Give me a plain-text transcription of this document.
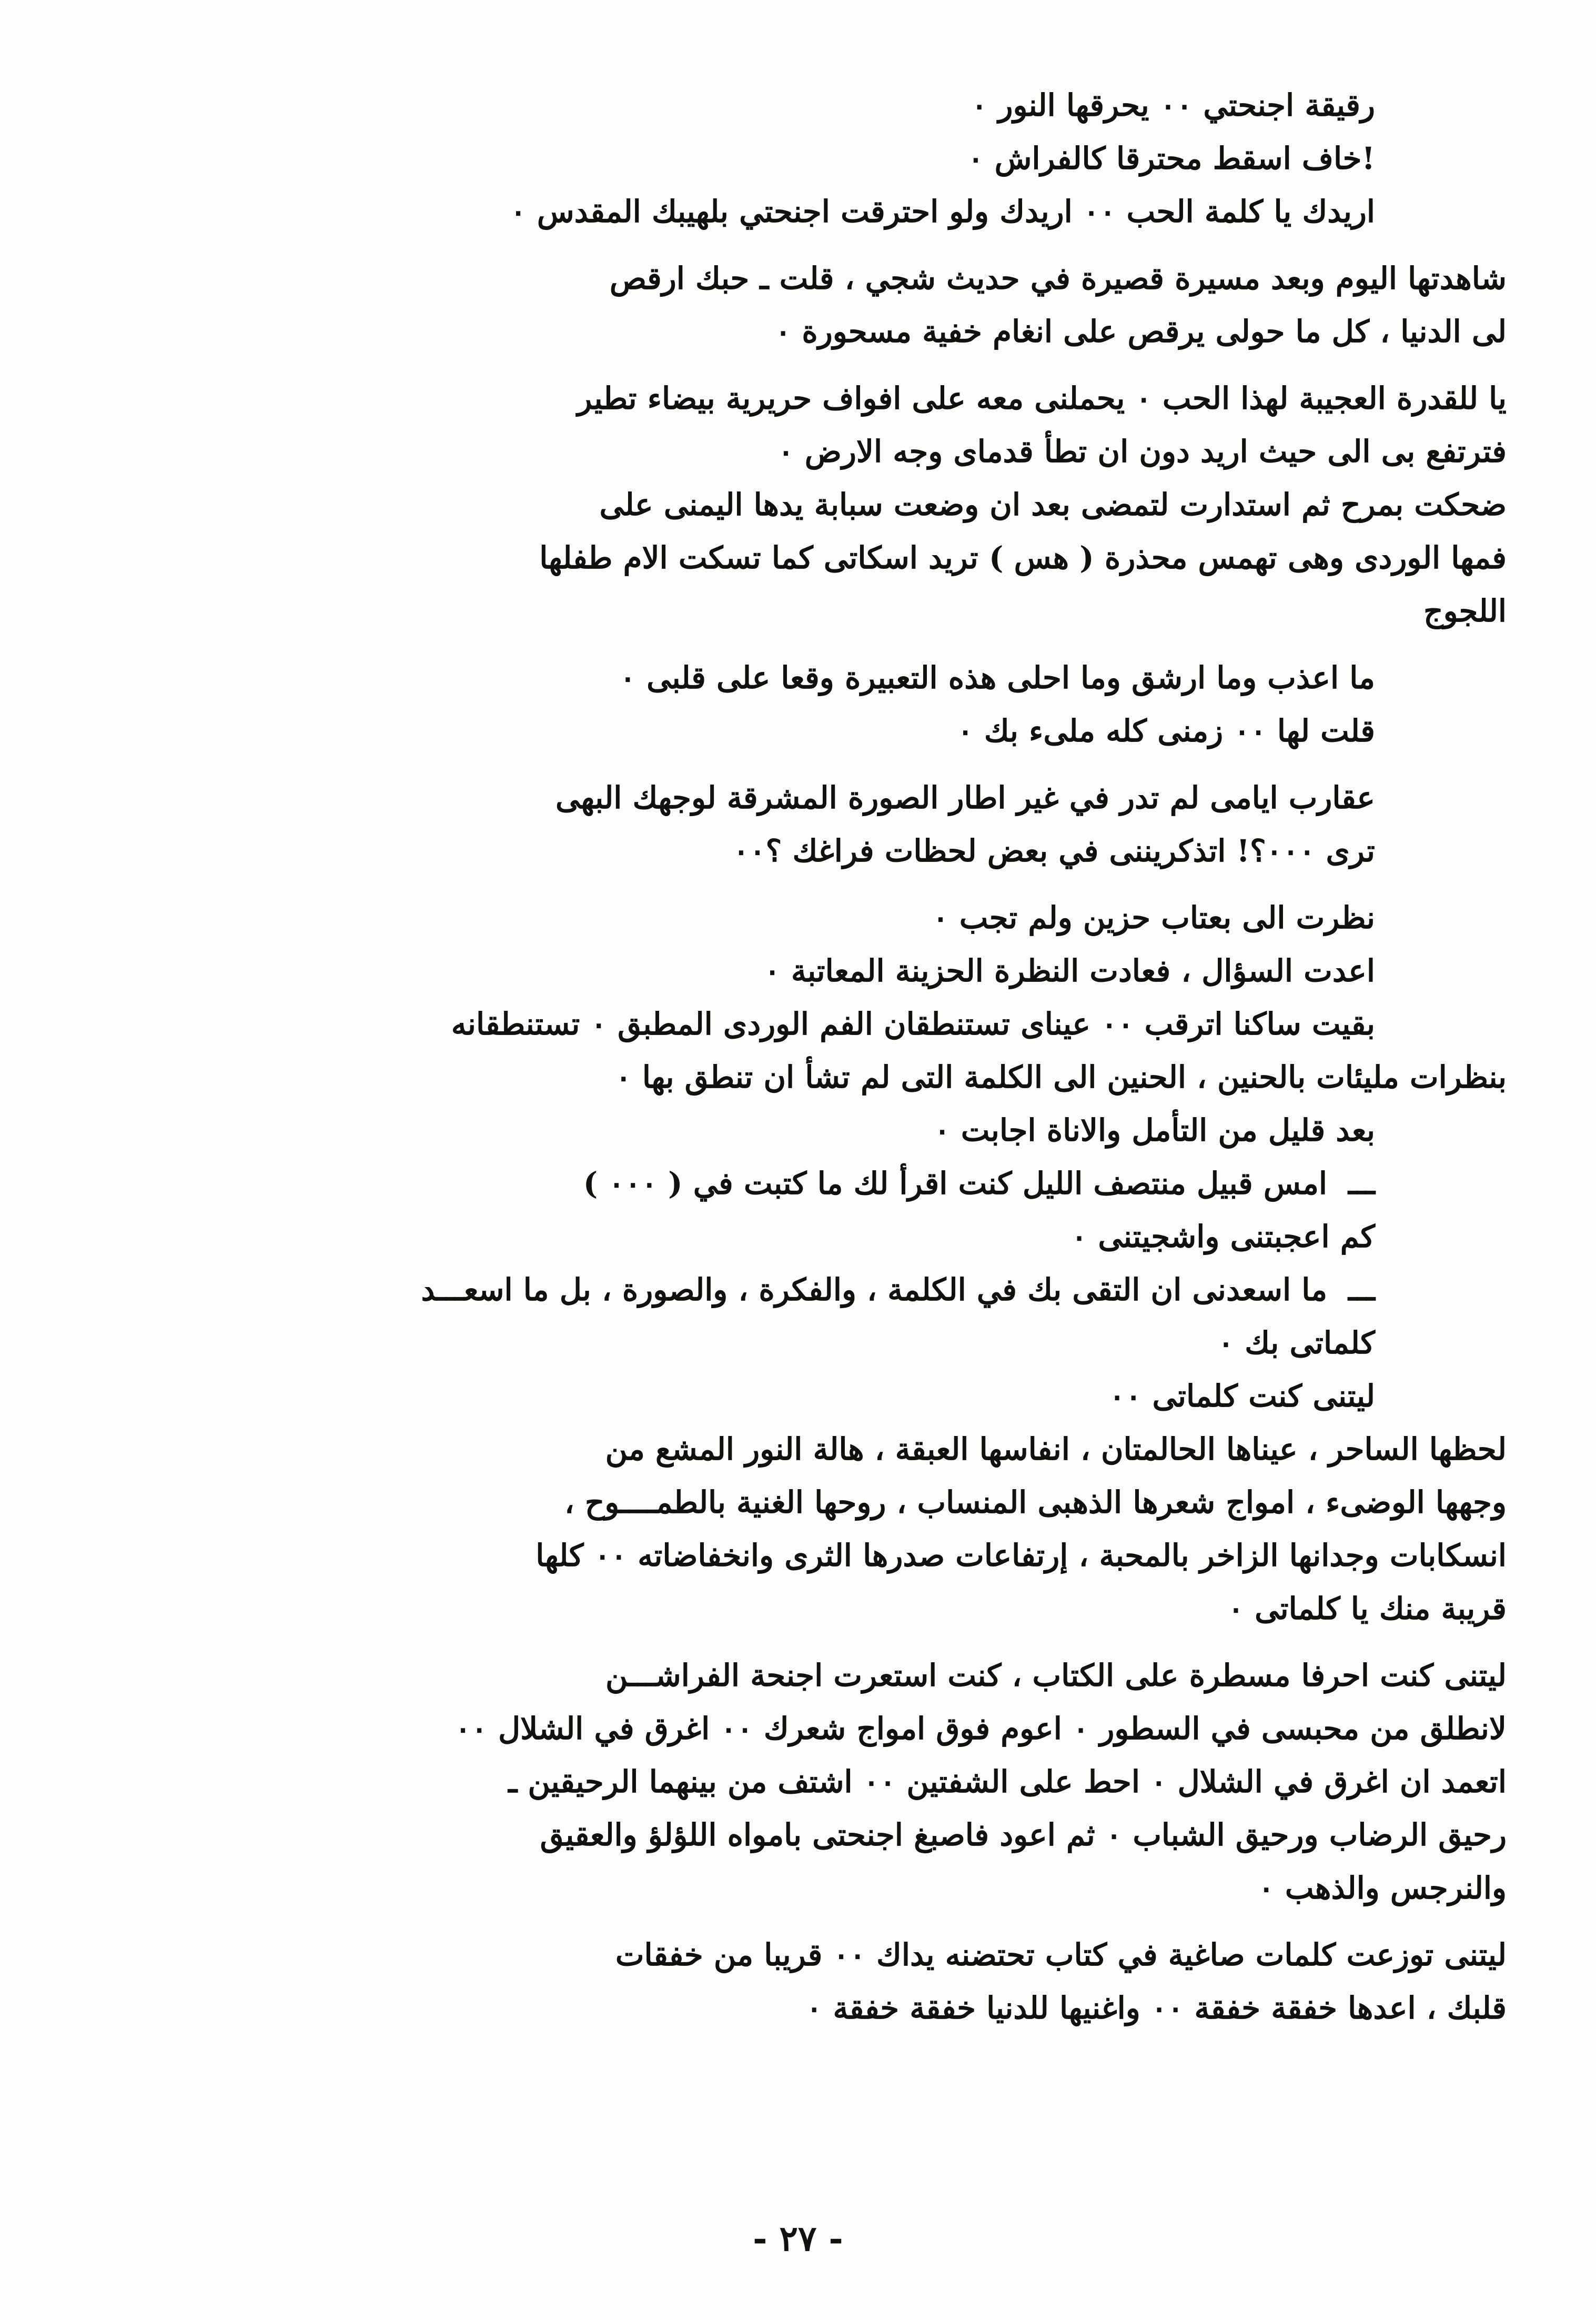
رقيقة اجنحتي ٠٠ يحرقها النور ٠
!خاف اسقط محترقا كالفراش ٠
اريدك يا كلمة الحب ٠٠ اريدك ولو احترقت اجنحتي بلهيبك المقدس ٠
شاهدتها اليوم وبعد مسيرة قصيرة في حديث شجي ، قلت ـ حبك ارقص
لى الدنيا ، كل ما حولى يرقص على انغام خفية مسحورة ٠
يا للقدرة العجيبة لهذا الحب ٠ يحملنى معه على افواف حريرية بيضاء تطير
فترتفع بى الى حيث اريد دون ان تطأ قدماى وجه الارض ٠
ضحكت بمرح ثم استدارت لتمضى بعد ان وضعت سبابة يدها اليمنى على
فمها الوردى وهى تهمس محذرة ( هس ) تريد اسكاتى كما تسكت الام طفلها
اللجوج
ما اعذب وما ارشق وما احلى هذه التعبيرة وقعا على قلبى ٠
قلت لها ٠٠ زمنى كله ملىء بك ٠
عقارب ايامى لم تدر في غير اطار الصورة المشرقة لوجهك البهى
ترى ٠٠٠؟! اتذكريننى في بعض لحظات فراغك ؟٠٠
نظرت الى بعتاب حزين ولم تجب ٠
اعدت السؤال ، فعادت النظرة الحزينة المعاتبة ٠
بقيت ساكنا اترقب ٠٠ عيناى تستنطقان الفم الوردى المطبق ٠ تستنطقانه
بنظرات مليئات بالحنين ، الحنين الى الكلمة التى لم تشأ ان تنطق بها ٠
بعد قليل من التأمل والاناة اجابت ٠
ـــامس قبيل منتصف الليل كنت اقرأ لك ما كتبت في ( ٠٠٠ )
كم اعجبتنى واشجيتنى ٠
ـــما اسعدنى ان التقى بك في الكلمة ، والفكرة ، والصورة ، بل ما اسعـــد
كلماتى بك ٠
ليتنى كنت كلماتى ٠٠
لحظها الساحر ، عيناها الحالمتان ، انفاسها العبقة ، هالة النور المشع من
وجهها الوضىء ، امواج شعرها الذهبى المنساب ، روحها الغنية بالطمــــوح ،
انسكابات وجدانها الزاخر بالمحبة ، إرتفاعات صدرها الثرى وانخفاضاته ٠٠ كلها
قريبة منك يا كلماتى ٠
ليتنى كنت احرفا مسطرة على الكتاب ، كنت استعرت اجنحة الفراشـــن
لانطلق من محبسى في السطور ٠ اعوم فوق امواج شعرك ٠٠ اغرق في الشلال ٠٠
اتعمد ان اغرق في الشلال ٠ احط على الشفتين ٠٠ اشتف من بينهما الرحيقين ـ
رحيق الرضاب ورحيق الشباب ٠ ثم اعود فاصبغ اجنحتى باموا‌ه اللؤلؤ والعقيق
والنرجس والذهب ٠
ليتنى توزعت كلمات صاغية في كتاب تحتضنه يداك ٠٠ قريبا من خفقات
قلبك ، اعدها خفقة خفقة ٠٠ واغنيها للدنيا خفقة خفقة ٠
- ٢٧ -
